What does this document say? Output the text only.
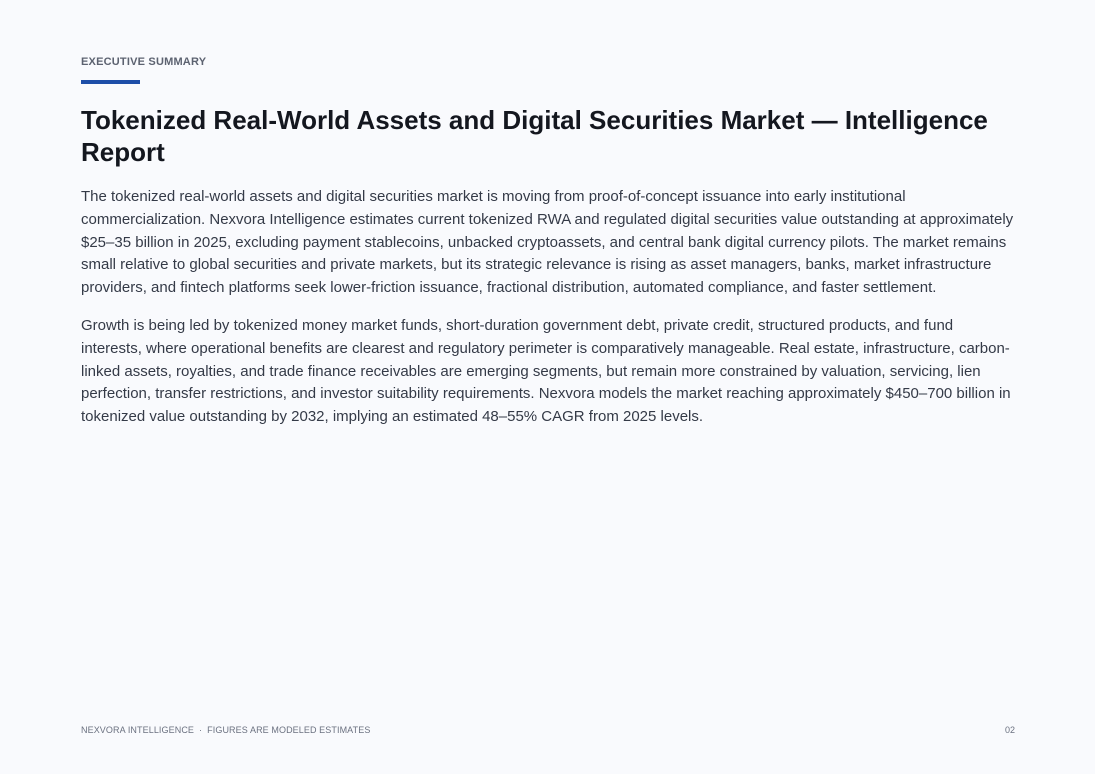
EXECUTIVE SUMMARY
Tokenized Real-World Assets and Digital Securities Market — Intelligence Report

The tokenized real-world assets and digital securities market is moving from proof-of-concept issuance into early institutional commercialization. Nexvora Intelligence estimates current tokenized RWA and regulated digital securities value outstanding at approximately $25–35 billion in 2025, excluding payment stablecoins, unbacked cryptoassets, and central bank digital currency pilots. The market remains small relative to global securities and private markets, but its strategic relevance is rising as asset managers, banks, market infrastructure providers, and fintech platforms seek lower-friction issuance, fractional distribution, automated compliance, and faster settlement.

Growth is being led by tokenized money market funds, short-duration government debt, private credit, structured products, and fund interests, where operational benefits are clearest and regulatory perimeter is comparatively manageable. Real estate, infrastructure, carbon-linked assets, royalties, and trade finance receivables are emerging segments, but remain more constrained by valuation, servicing, lien perfection, transfer restrictions, and investor suitability requirements. Nexvora models the market reaching approximately $450–700 billion in tokenized value outstanding by 2032, implying an estimated 48–55% CAGR from 2025 levels.

NEXVORA INTELLIGENCE · FIGURES ARE MODELED ESTIMATES	02
